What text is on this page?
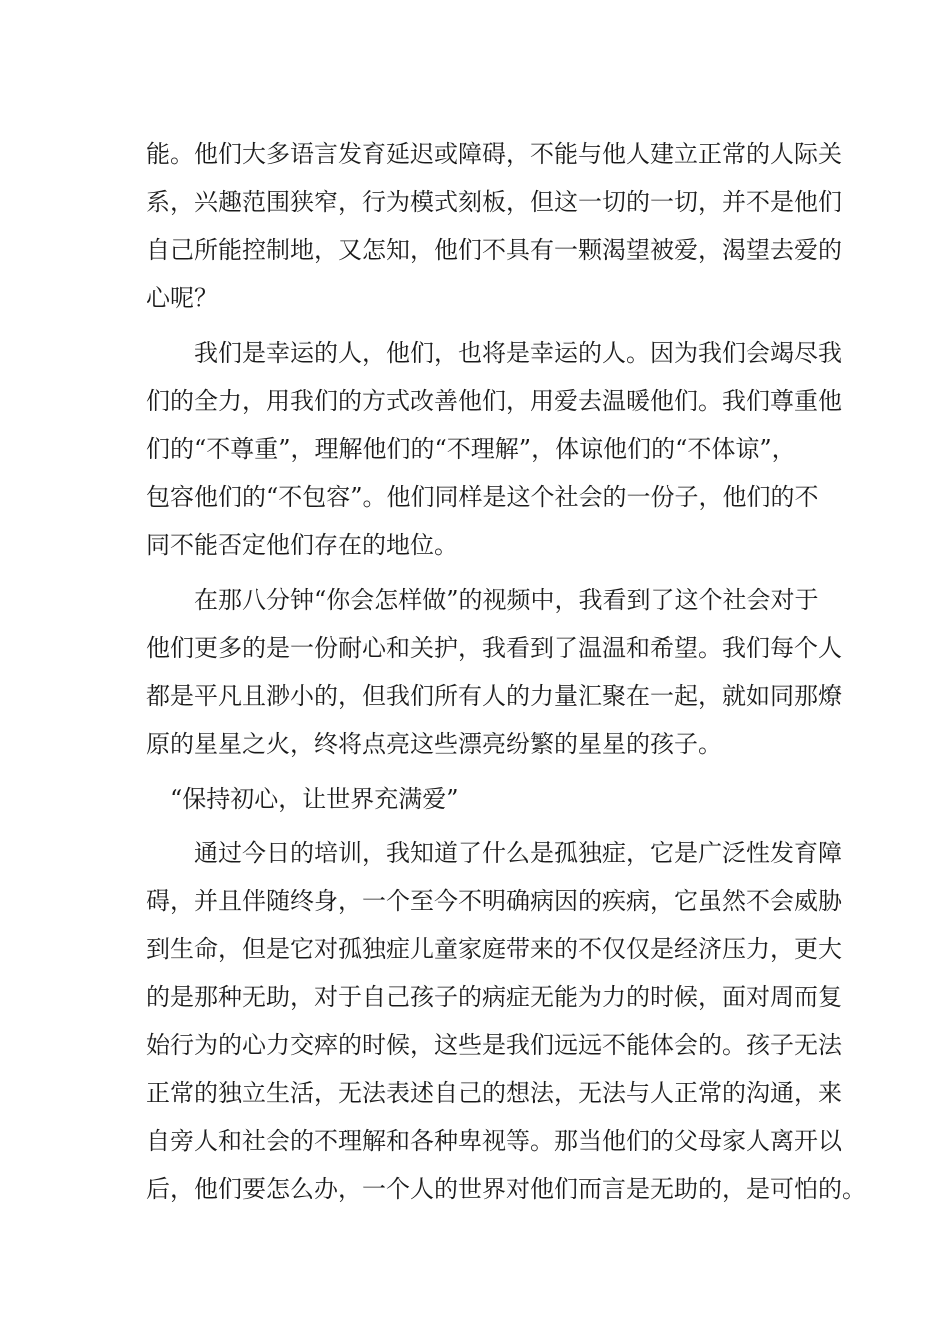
能。他们大多语言发育延迟或障碍，不能与他人建立正常的人际关
系，兴趣范围狭窄，行为模式刻板，但这一切的一切，并不是他们
自己所能控制地，又怎知，他们不具有一颗渴望被爱，渴望去爱的
心呢？
我们是幸运的人，他们，也将是幸运的人。因为我们会竭尽我
们的全力，用我们的方式改善他们，用爱去温暖他们。我们尊重他
们的“不尊重”，理解他们的“不理解”，体谅他们的“不体谅”，
包容他们的“不包容”。他们同样是这个社会的一份子，他们的不
同不能否定他们存在的地位。
在那八分钟“你会怎样做”的视频中，我看到了这个社会对于
他们更多的是一份耐心和关护，我看到了温温和希望。我们每个人
都是平凡且渺小的，但我们所有人的力量汇聚在一起，就如同那燎
原的星星之火，终将点亮这些漂亮纷繁的星星的孩子。
“保持初心，让世界充满爱”
通过今日的培训，我知道了什么是孤独症，它是广泛性发育障
碍，并且伴随终身，一个至今不明确病因的疾病，它虽然不会威胁
到生命，但是它对孤独症儿童家庭带来的不仅仅是经济压力，更大
的是那种无助，对于自己孩子的病症无能为力的时候，面对周而复
始行为的心力交瘁的时候，这些是我们远远不能体会的。孩子无法
正常的独立生活，无法表述自己的想法，无法与人正常的沟通，来
自旁人和社会的不理解和各种卑视等。那当他们的父母家人离开以
后，他们要怎么办，一个人的世界对他们而言是无助的，是可怕的。
